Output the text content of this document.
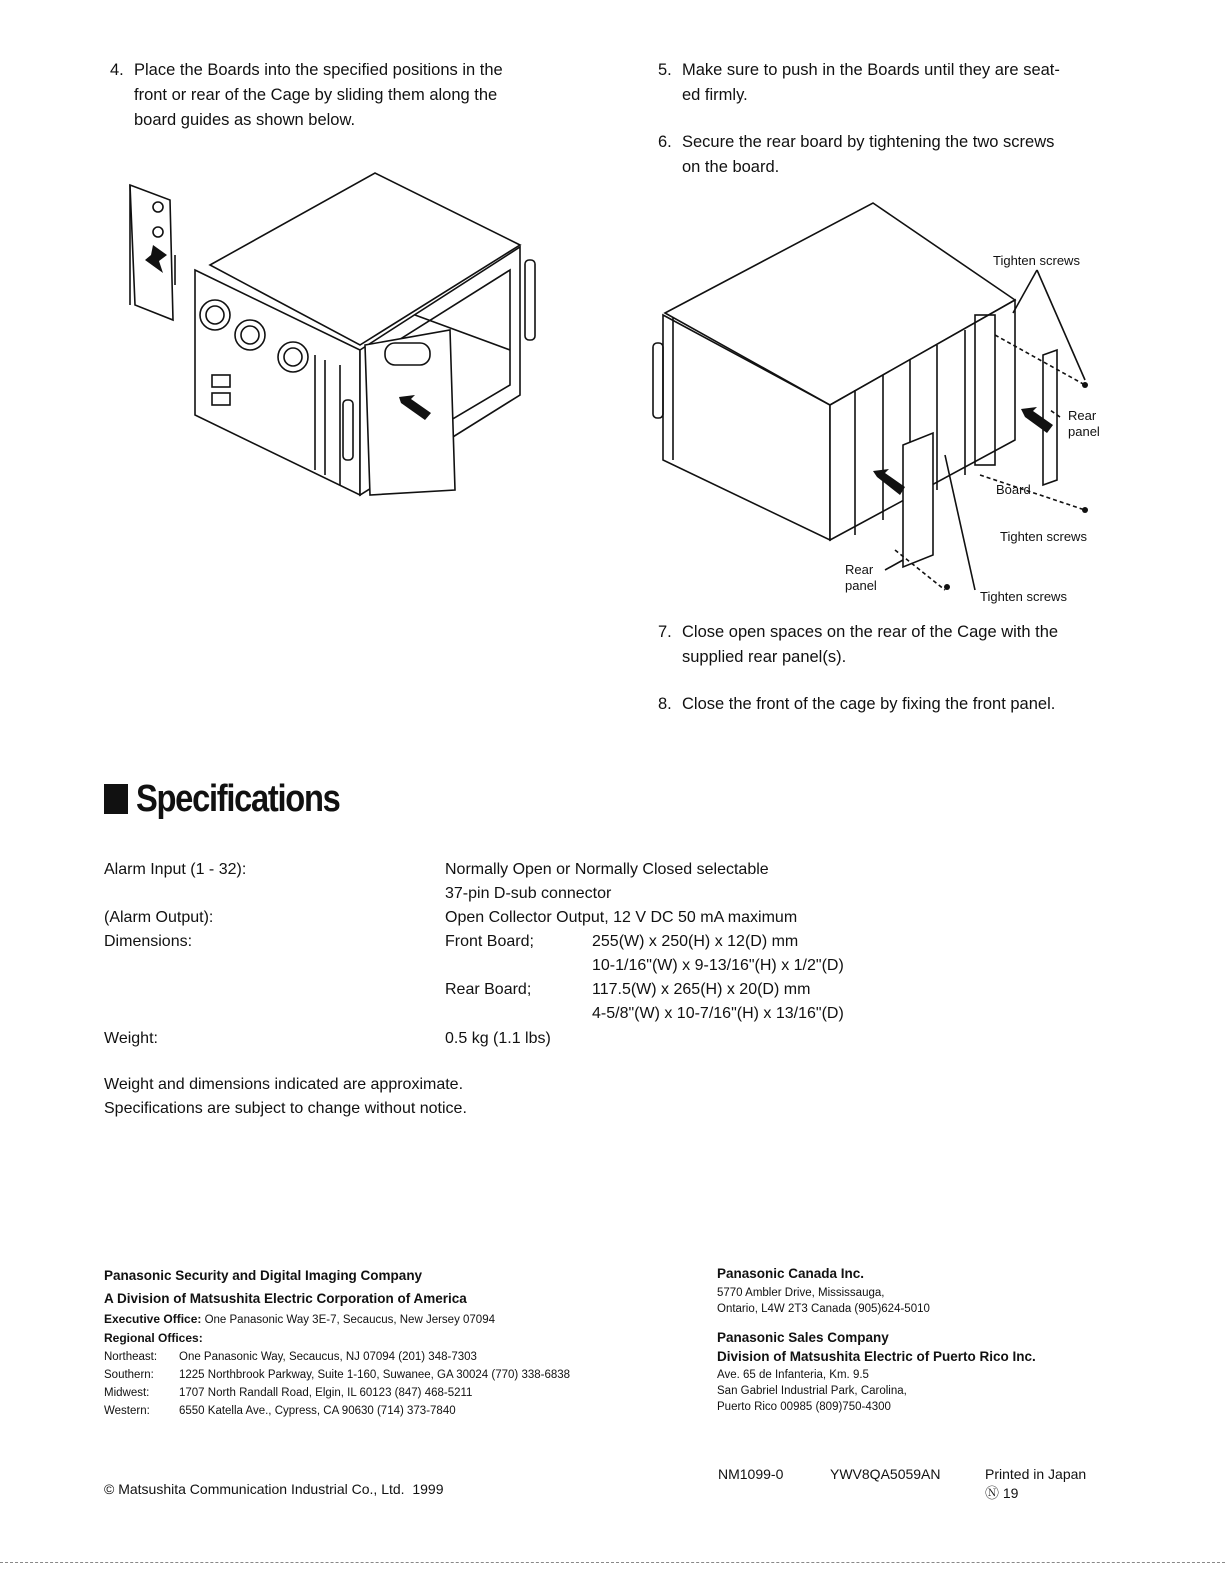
4. Place the Boards into the specified positions in the
front or rear of the Cage by sliding them along the
board guides as shown below.
5. Make sure to push in the Boards until they are seat-
ed firmly.
6. Secure the rear board by tightening the two screws
on the board.
Tighten screws
Rear
panel
Board
Tighten screws
Rear
panel
Tighten screws
7. Close open spaces on the rear of the Cage with the
supplied rear panel(s).
8. Close the front of the cage by fixing the front panel.
Specifications
Alarm Input (1 - 32):	Normally Open or Normally Closed selectable
37-pin D-sub connector
(Alarm Output):	Open Collector Output, 12 V DC 50 mA maximum
Dimensions:	Front Board;	255(W) x 250(H) x 12(D) mm
10-1/16"(W) x 9-13/16"(H) x 1/2"(D)
Rear Board;	117.5(W) x 265(H) x 20(D) mm
4-5/8"(W) x 10-7/16"(H) x 13/16"(D)
Weight:	0.5 kg (1.1 lbs)
Weight and dimensions indicated are approximate.
Specifications are subject to change without notice.
Panasonic Security and Digital Imaging Company
A Division of Matsushita Electric Corporation of America
Executive Office: One Panasonic Way 3E-7, Secaucus, New Jersey 07094
Regional Offices:
Northeast: One Panasonic Way, Secaucus, NJ 07094 (201) 348-7303
Southern: 1225 Northbrook Parkway, Suite 1-160, Suwanee, GA 30024 (770) 338-6838
Midwest:	1707 North Randall Road, Elgin, IL 60123 (847) 468-5211
Western:	6550 Katella Ave., Cypress, CA 90630 (714) 373-7840
Panasonic Canada Inc.
5770 Ambler Drive, Mississauga,
Ontario, L4W 2T3 Canada (905)624-5010
Panasonic Sales Company
Division of Matsushita Electric of Puerto Rico Inc.
Ave. 65 de Infanteria, Km. 9.5
San Gabriel Industrial Park, Carolina,
Puerto Rico 00985 (809)750-4300
© Matsushita Communication Industrial Co., Ltd.  1999
NM1099-0	YWV8QA5059AN	Printed in Japan
Ⓝ 19
